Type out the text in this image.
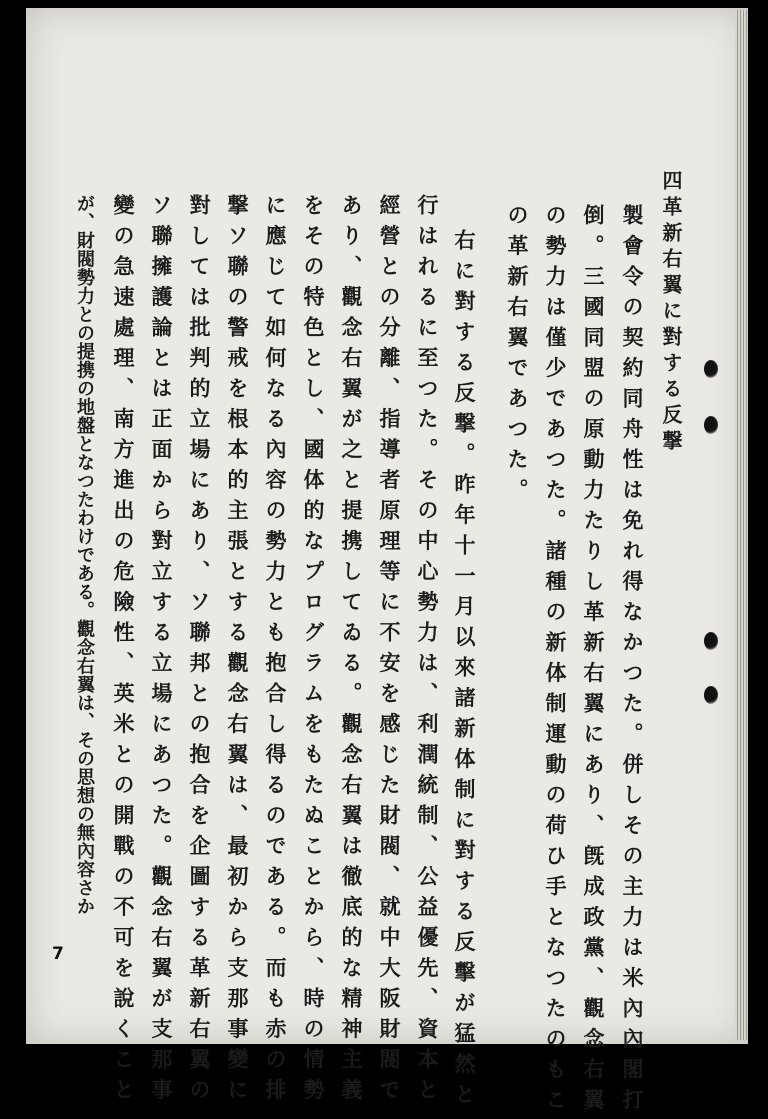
四革新右翼に對する反撃
製會令の契約同舟性は免れ得なかつた。併しその主力は米內內閣打
倒。三國同盟の原動力たりし革新右翼にあり、旣成政黨、觀念右翼
の勢力は僅少であつた。諸種の新体制運動の荷ひ手となつたのもこ
の革新右翼であつた。
右に對する反撃。昨年十一月以來諸新体制に對する反擊が猛然と
行はれるに至つた。その中心勢力は、利潤統制、公益優先、資本と
經營との分離、指導者原理等に不安を感じた財閥、就中大阪財閥で
あり、觀念右翼が之と提携してゐる。觀念右翼は徹底的な精神主義
をその特色とし、國体的なプログラムをもたぬことから、時の情勢
に應じて如何なる內容の勢力とも抱合し得るのである。而も赤の排
撃ソ聯の警戒を根本的主張とする觀念右翼は、最初から支那事變に
對しては批判的立場にあり、ソ聯邦との抱合を企圖する革新右翼の
ソ聯擁護論とは正面から對立する立場にあつた。觀念右翼が支那事
變の急速處理、南方進出の危險性、英米との開戰の不可を說くこと
が、財閥勢力との提携の地盤となつたわけである。觀念右翼は、その思想の無內容さか
7
